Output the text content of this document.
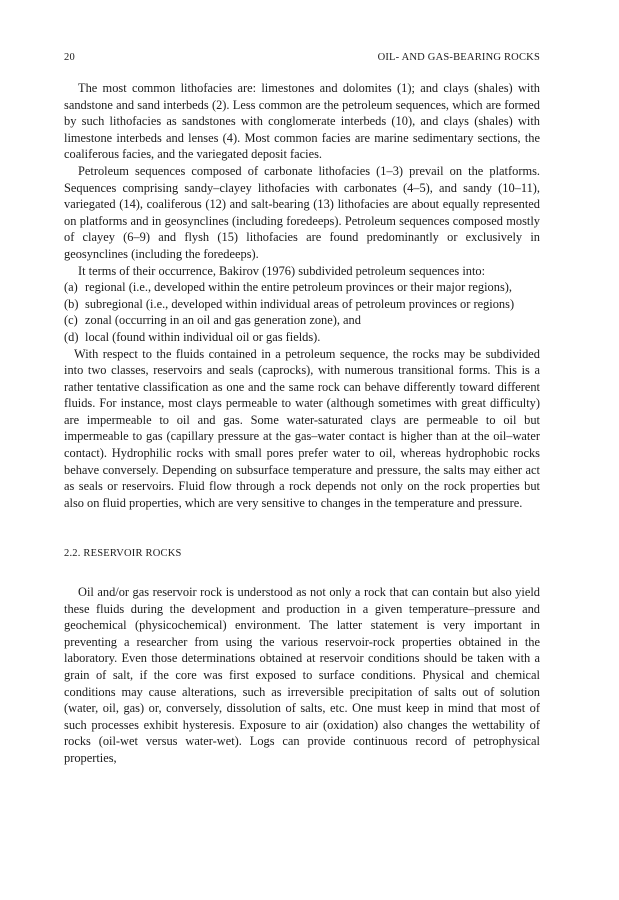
20	OIL- AND GAS-BEARING ROCKS

The most common lithofacies are: limestones and dolomites (1); and clays (shales) with sandstone and sand interbeds (2). Less common are the petroleum sequences, which are formed by such lithofacies as sandstones with conglomerate interbeds (10), and clays (shales) with limestone interbeds and lenses (4). Most common facies are marine sedimentary sections, the coaliferous facies, and the variegated deposit facies.

Petroleum sequences composed of carbonate lithofacies (1–3) prevail on the platforms. Sequences comprising sandy–clayey lithofacies with carbonates (4–5), and sandy (10–11), variegated (14), coaliferous (12) and salt-bearing (13) lithofacies are about equally represented on platforms and in geosynclines (including foredeeps). Petroleum sequences composed mostly of clayey (6–9) and flysh (15) lithofacies are found predominantly or exclusively in geosynclines (including the foredeeps).

It terms of their occurrence, Bakirov (1976) subdivided petroleum sequences into:

(a) regional (i.e., developed within the entire petroleum provinces or their major regions),
(b) subregional (i.e., developed within individual areas of petroleum provinces or regions)
(c) zonal (occurring in an oil and gas generation zone), and
(d) local (found within individual oil or gas fields).

With respect to the fluids contained in a petroleum sequence, the rocks may be subdivided into two classes, reservoirs and seals (caprocks), with numerous transitional forms. This is a rather tentative classification as one and the same rock can behave differently toward different fluids. For instance, most clays permeable to water (although sometimes with great difficulty) are impermeable to oil and gas. Some water-saturated clays are permeable to oil but impermeable to gas (capillary pressure at the gas–water contact is higher than at the oil–water contact). Hydrophilic rocks with small pores prefer water to oil, whereas hydrophobic rocks behave conversely. Depending on subsurface temperature and pressure, the salts may either act as seals or reservoirs. Fluid flow through a rock depends not only on the rock properties but also on fluid properties, which are very sensitive to changes in the temperature and pressure.

2.2. RESERVOIR ROCKS

Oil and/or gas reservoir rock is understood as not only a rock that can contain but also yield these fluids during the development and production in a given temperature–pressure and geochemical (physicochemical) environment. The latter statement is very important in preventing a researcher from using the various reservoir-rock properties obtained in the laboratory. Even those determinations obtained at reservoir conditions should be taken with a grain of salt, if the core was first exposed to surface conditions. Physical and chemical conditions may cause alterations, such as irreversible precipitation of salts out of solution (water, oil, gas) or, conversely, dissolution of salts, etc. One must keep in mind that most of such processes exhibit hysteresis. Exposure to air (oxidation) also changes the wettability of rocks (oil-wet versus water-wet). Logs can provide continuous record of petrophysical properties,
